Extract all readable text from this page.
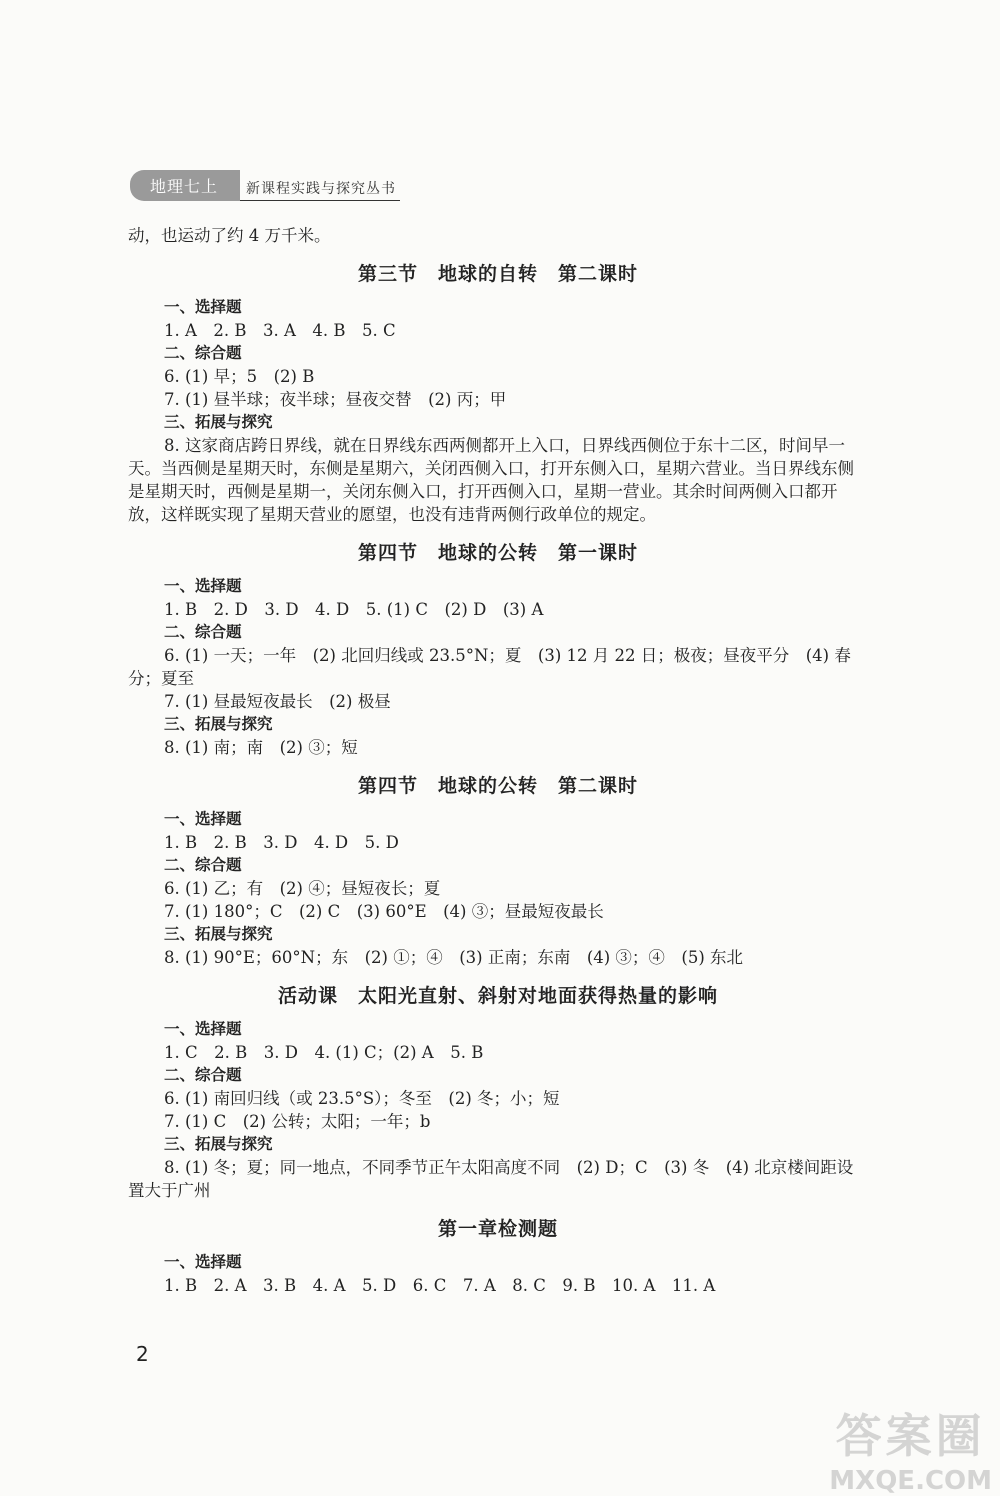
地理七上	新课程实践与探究丛书

动，也运动了约 4 万千米。

第三节　地球的自转　第二课时

一、选择题

1. A　2. B　3. A　4. B　5. C

二、综合题

6. (1) 早；5　(2) B

7. (1) 昼半球；夜半球；昼夜交替　(2) 丙；甲

三、拓展与探究

8. 这家商店跨日界线，就在日界线东西两侧都开上入口，日界线西侧位于东十二区，时间早一天。当西侧是星期天时，东侧是星期六，关闭西侧入口，打开东侧入口，星期六营业。当日界线东侧是星期天时，西侧是星期一，关闭东侧入口，打开西侧入口，星期一营业。其余时间两侧入口都开放，这样既实现了星期天营业的愿望，也没有违背两侧行政单位的规定。

第四节　地球的公转　第一课时

一、选择题

1. B　2. D　3. D　4. D　5. (1) C　(2) D　(3) A

二、综合题

6. (1) 一天；一年　(2) 北回归线或 23.5°N；夏　(3) 12 月 22 日；极夜；昼夜平分　(4) 春分；夏至

7. (1) 昼最短夜最长　(2) 极昼

三、拓展与探究

8. (1) 南；南　(2) ③；短

第四节　地球的公转　第二课时

一、选择题

1. B　2. B　3. D　4. D　5. D

二、综合题

6. (1) 乙；有　(2) ④；昼短夜长；夏

7. (1) 180°；C　(2) C　(3) 60°E　(4) ③；昼最短夜最长

三、拓展与探究

8. (1) 90°E；60°N；东　(2) ①；④　(3) 正南；东南　(4) ③；④　(5) 东北

活动课　太阳光直射、斜射对地面获得热量的影响

一、选择题

1. C　2. B　3. D　4. (1) C；(2) A　5. B

二、综合题

6. (1) 南回归线（或 23.5°S）；冬至　(2) 冬；小；短

7. (1) C　(2) 公转；太阳；一年；b

三、拓展与探究

8. (1) 冬；夏；同一地点，不同季节正午太阳高度不同　(2) D；C　(3) 冬　(4) 北京楼间距设置大于广州

第一章检测题

一、选择题

1. B　2. A　3. B　4. A　5. D　6. C　7. A　8. C　9. B　10. A　11. A

2
答案圈
MXQE.COM
